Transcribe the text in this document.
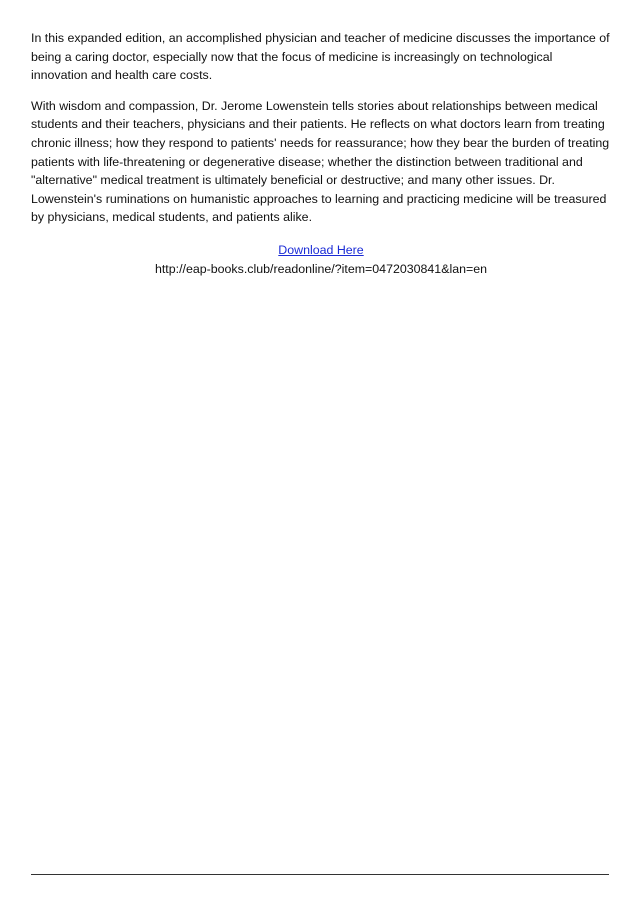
In this expanded edition, an accomplished physician and teacher of medicine discusses the importance of being a caring doctor, especially now that the focus of medicine is increasingly on technological innovation and health care costs.

With wisdom and compassion, Dr. Jerome Lowenstein tells stories about relationships between medical students and their teachers, physicians and their patients. He reflects on what doctors learn from treating chronic illness; how they respond to patients' needs for reassurance; how they bear the burden of treating patients with life-threatening or degenerative disease; whether the distinction between traditional and "alternative" medical treatment is ultimately beneficial or destructive; and many other issues. Dr. Lowenstein's ruminations on humanistic approaches to learning and practicing medicine will be treasured by physicians, medical students, and patients alike.

Download Here
http://eap-books.club/readonline/?item=0472030841&lan=en
